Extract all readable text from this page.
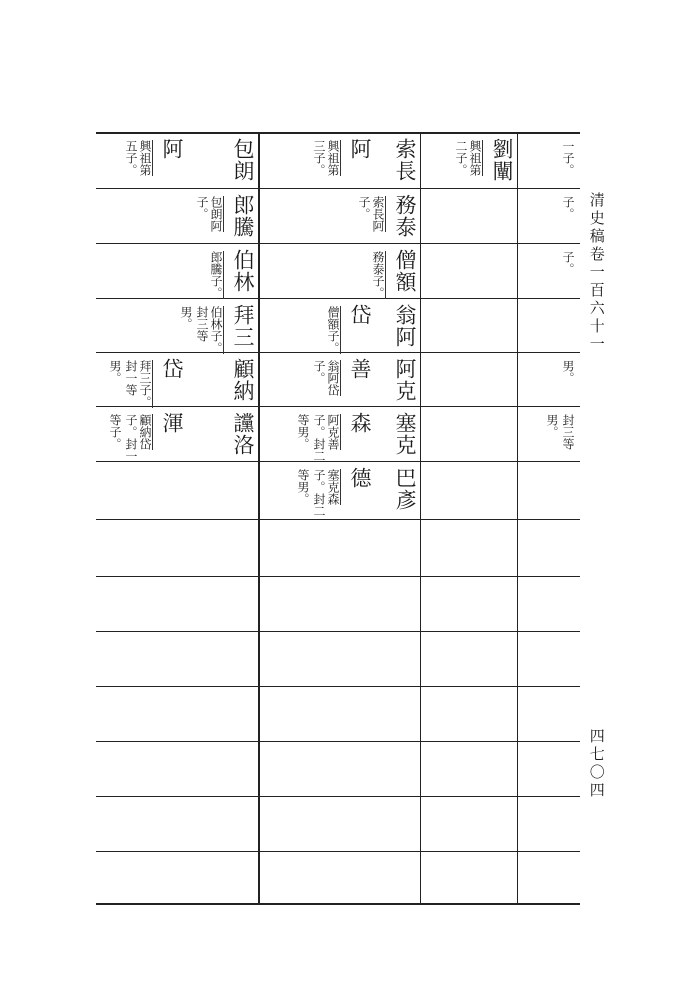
清史稿卷一百六十一
四七〇四
包朗
郎騰
包朗阿
子。
伯林
郎騰子。
拜三
伯林子。
封三等
男。
顧納
讜洛
阿
興祖第
五子。
岱
拜三子。
封一等
男。
渾
顧納岱
子。封一
等子。
索長
務泰
索長阿
子。
僧額
務泰子。
翁阿
阿克
塞克
巴彥
阿
興祖第
三子。
岱
僧額子。
善
翁阿岱
子。
森
阿克善
子。封二
等男。
德
塞克森
子。封二
等男。
劉闡
興祖第
二子。	一子。
子。
子。
男。
封三等
男。
